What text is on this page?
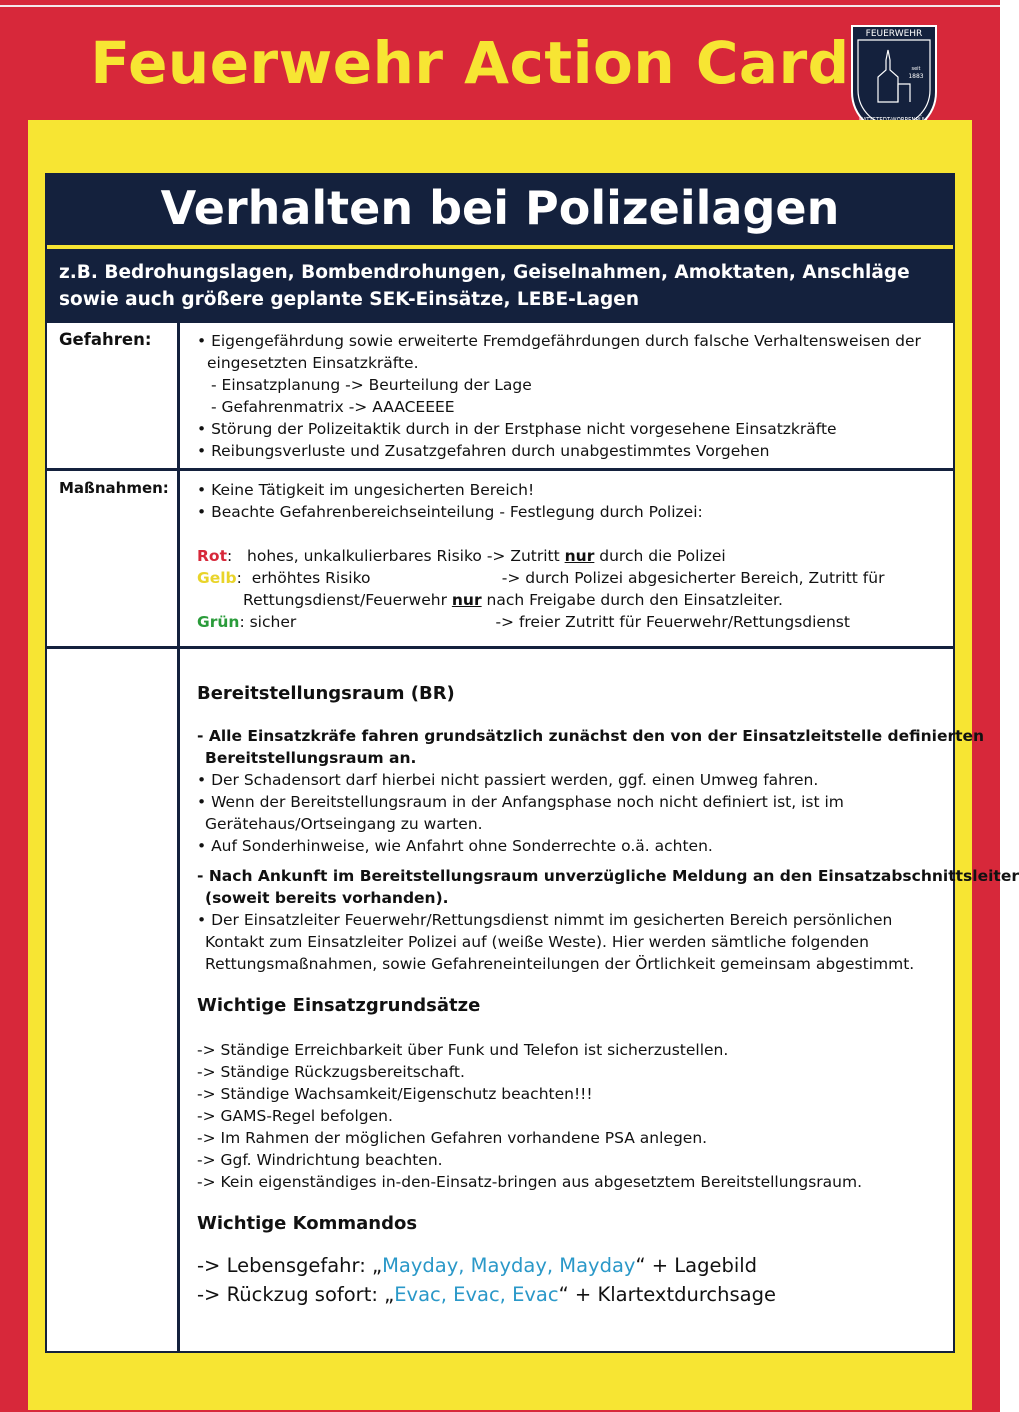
Feuerwehr Action Card	FEUERWEHR
seit
1883
Verhalten bei Polizeilagen
z.B. Bedrohungslagen, Bombendrohungen, Geiselnahmen, Amoktaten, Anschläge
sowie auch größere geplante SEK-Einsätze, LEBE-Lagen
Gefahren:	• Eigengefährdung sowie erweiterte Fremdgefährdungen durch falsche Verhaltensweisen der

eingesetzten Einsatzkräfte.

- Einsatzplanung -> Beurteilung der Lage

- Gefahrenmatrix -> AAACEEEE

• Störung der Polizeitaktik durch in der Erstphase nicht vorgesehene Einsatzkräfte

• Reibungsverluste und Zusatzgefahren durch unabgestimmtes Vorgehen

Maßnahmen: • Keine Tätigkeit im ungesicherten Bereich!

• Beachte Gefahrenbereichseinteilung - Festlegung durch Polizei:

Rot: hohes, unkalkulierbares Risiko -> Zutritt nur durch die Polizei

Gelb: erhöhtes Risiko	-> durch Polizei abgesicherter Bereich, Zutritt für

Rettungsdienst/Feuerwehr nur nach Freigabe durch den Einsatzleiter.

Grün: sicher	-> freier Zutritt für Feuerwehr/Rettungsdienst

Bereitstellungsraum (BR)

- Alle Einsatzkräfe fahren grundsätzlich zunächst den von der Einsatzleitstelle definierten

Bereitstellungsraum an.

• Der Schadensort darf hierbei nicht passiert werden, ggf. einen Umweg fahren.

• Wenn der Bereitstellungsraum in der Anfangsphase noch nicht definiert ist, ist im

Gerätehaus/Ortseingang zu warten.

• Auf Sonderhinweise, wie Anfahrt ohne Sonderrechte o.ä. achten.

- Nach Ankunft im Bereitstellungsraum unverzügliche Meldung an den Einsatzabschnittsleiter

(soweit bereits vorhanden).

• Der Einsatzleiter Feuerwehr/Rettungsdienst nimmt im gesicherten Bereich persönlichen

Kontakt zum Einsatzleiter Polizei auf (weiße Weste). Hier werden sämtliche folgenden

Rettungsmaßnahmen, sowie Gefahreneinteilungen der Örtlichkeit gemeinsam abgestimmt.

Wichtige Einsatzgrundsätze

-> Ständige Erreichbarkeit über Funk und Telefon ist sicherzustellen.

-> Ständige Rückzugsbereitschaft.

-> Ständige Wachsamkeit/Eigenschutz beachten!!!

-> GAMS-Regel befolgen.

-> Im Rahmen der möglichen Gefahren vorhandene PSA anlegen.

-> Ggf. Windrichtung beachten.

-> Kein eigenständiges in-den-Einsatz-bringen aus abgesetztem Bereitstellungsraum.

Wichtige Kommandos

-> Lebensgefahr: „Mayday, Mayday, Mayday“ + Lagebild

-> Rückzug sofort: „Evac, Evac, Evac“ + Klartextdurchsage
